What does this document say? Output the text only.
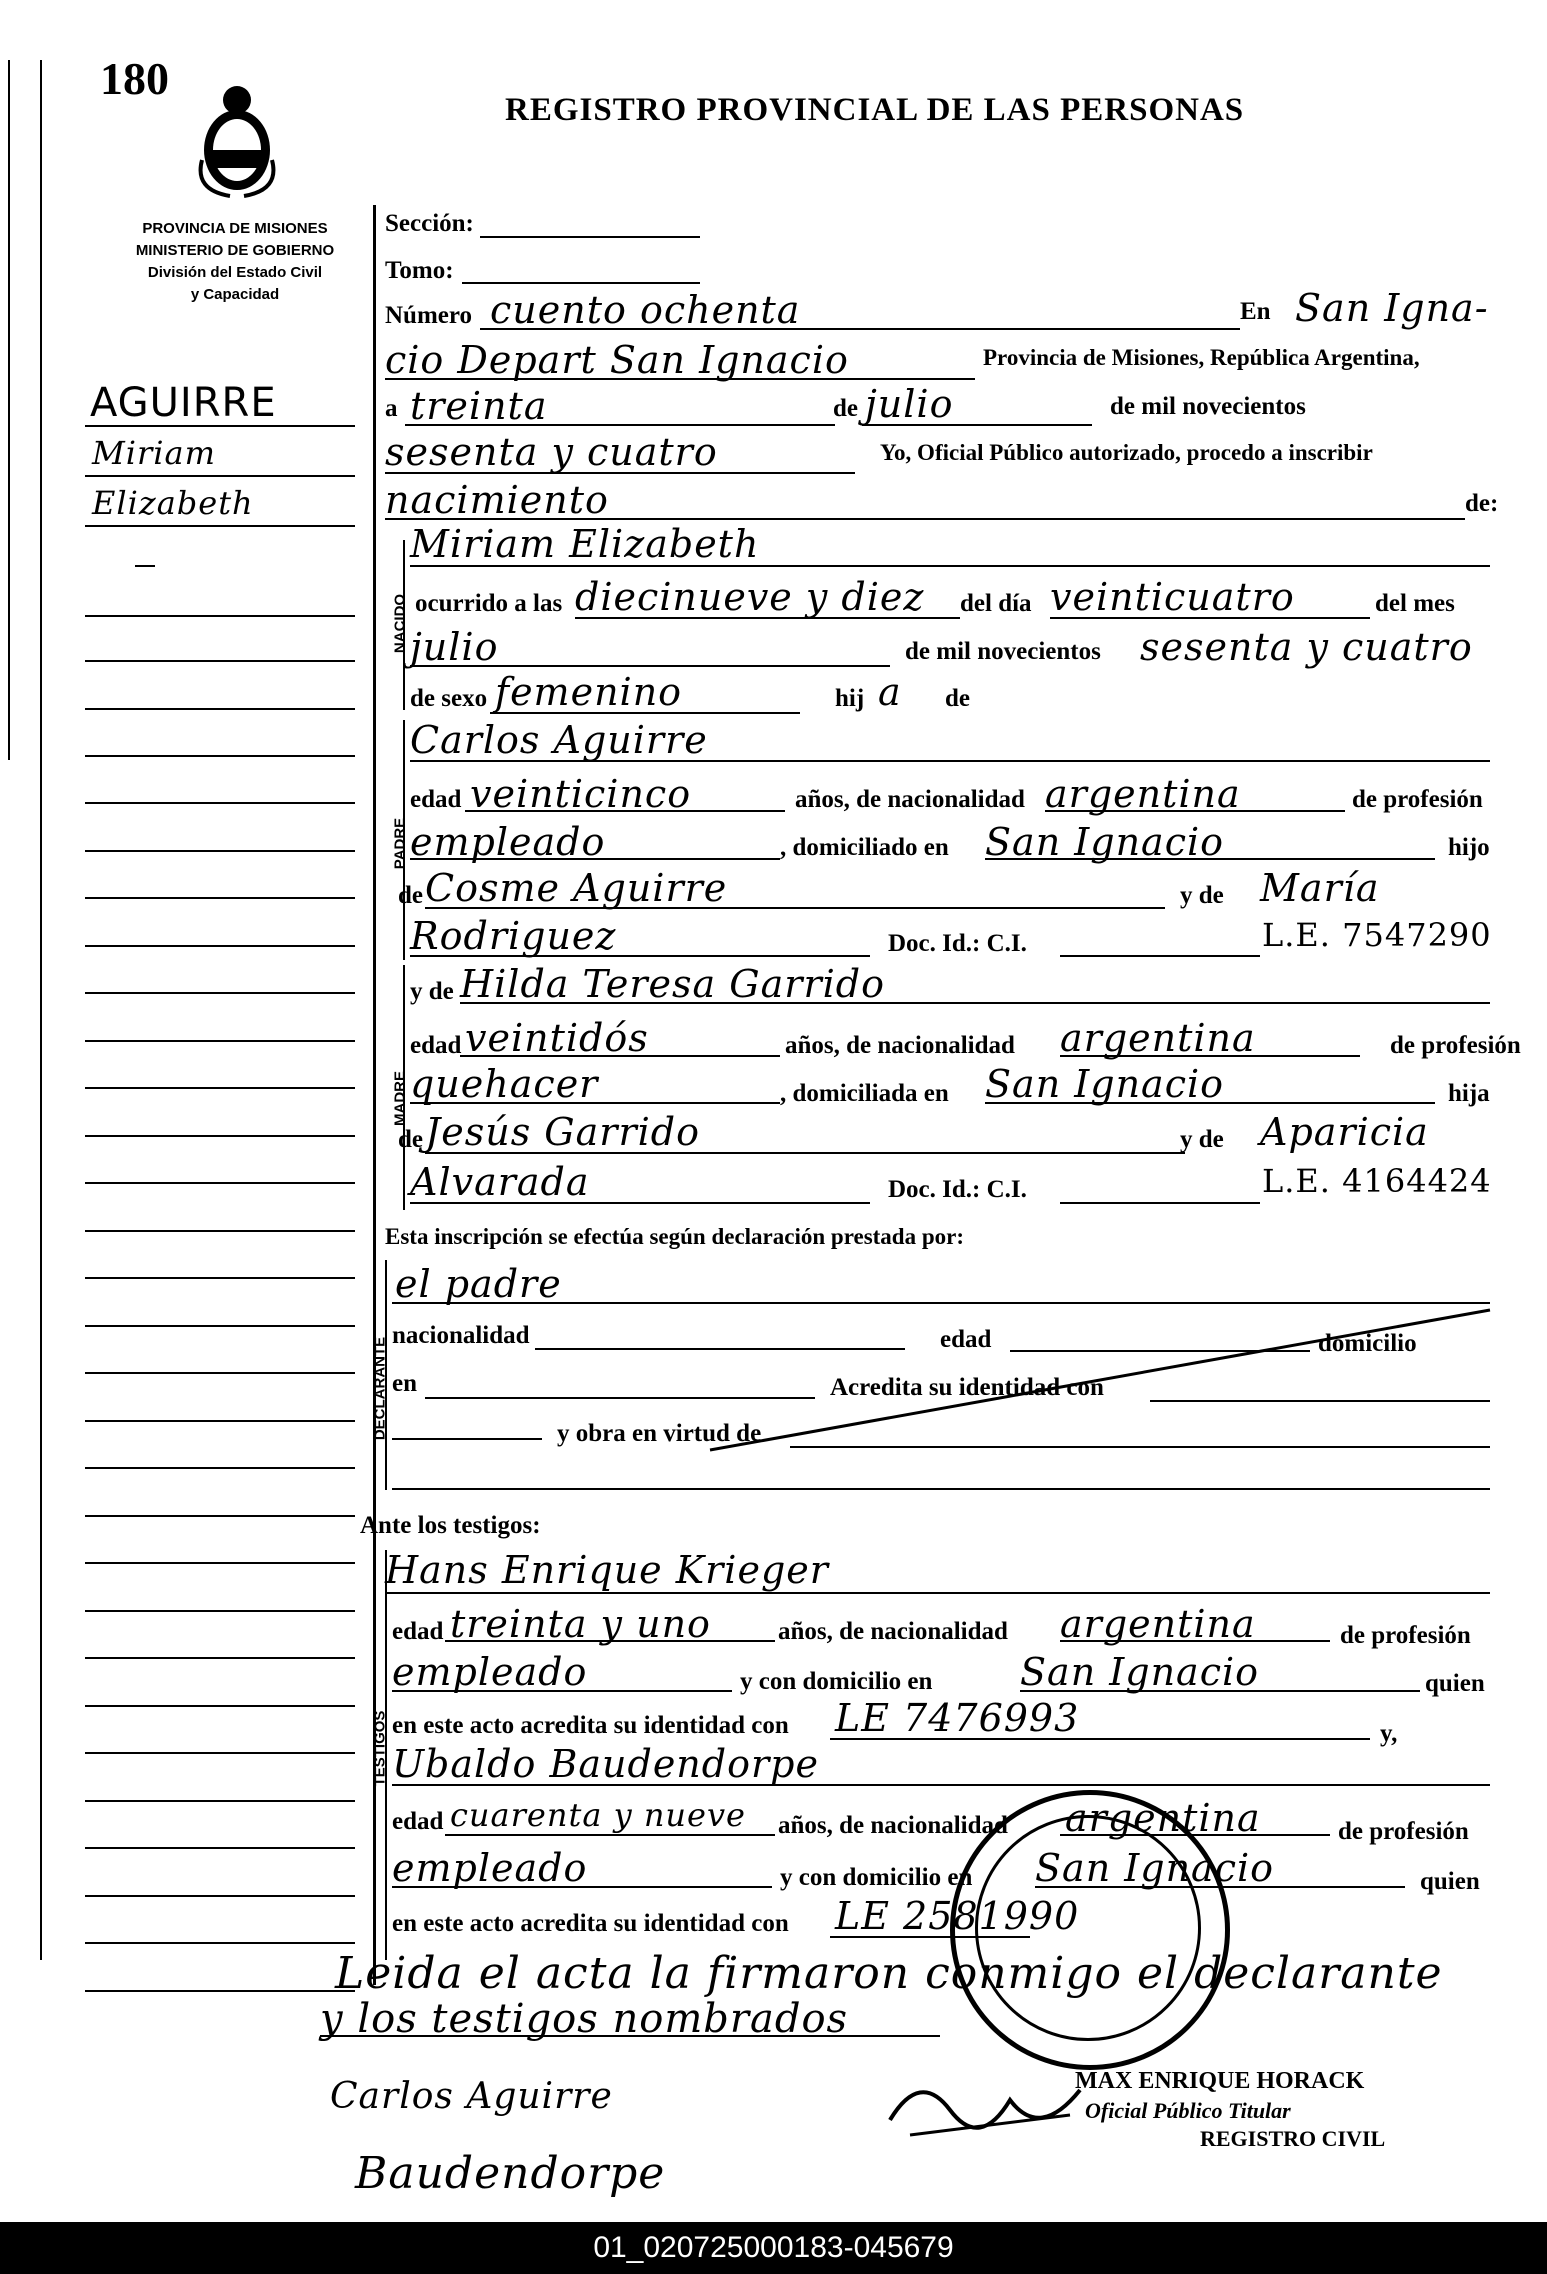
180
PROVINCIA DE MISIONES
MINISTERIO DE GOBIERNO
División del Estado Civil
y Capacidad
REGISTRO PROVINCIAL DE LAS PERSONAS
AGUIRRE
Miriam
Elizabeth
Sección:
Tomo:
Número cuento ochenta	En San Igna-
cio Depart San Ignacio	Provincia de Misiones, República Argentina,
a treinta	de julio	de mil novecientos
sesenta y cuatro	Yo, Oficial Público autorizado, procedo a inscribir
nacimiento	de:
NACIDO
Miriam Elizabeth
ocurrido a las diecinueve y diez del día veinticuatro	del mes
julio	de mil novecientos sesenta y cuatro
de sexo femenino	hij a de
PADRE
Carlos Aguirre
edad veinticinco	años, de nacionalidad argentina	de profesión
empleado	, domiciliado en San Ignacio	hijo
de Cosme Aguirre	y de María
Rodriguez	Doc. Id.: C.I.	L.E. 7547290
MADRE
y de Hilda Teresa Garrido
edad veintidós	años, de nacionalidad argentina	de profesión
quehacer	, domiciliada en San Ignacio	hija
de Jesús Garrido	y de Aparicia
Alvarada	Doc. Id.: C.I.	L.E. 4164424
Esta inscripción se efectúa según declaración prestada por:
DECLARANTE
el padre
nacionalidad	edad	domicilio
en	Acredita su identidad con
y obra en virtud de
Ante los testigos:
TESTIGOS
Hans Enrique Krieger
edad treinta y uno	años, de nacionalidad argentina	de profesión
empleado	y con domicilio en San Ignacio	quien
en este acto acredita su identidad con LE 7476993	y,
Ubaldo Baudendorpe
edad cuarenta y nueve años, de nacionalidad argentina	de profesión
empleado	y con domicilio en San Ignacio	quien
en este acto acredita su identidad con LE 2581990
Leida el acta la firmaron conmigo el declarante
y los testigos nombrados
Carlos Aguirre
Baudendorpe
MAX ENRIQUE HORACK
Oficial Público Titular
REGISTRO CIVIL
01_020725000183-045679
